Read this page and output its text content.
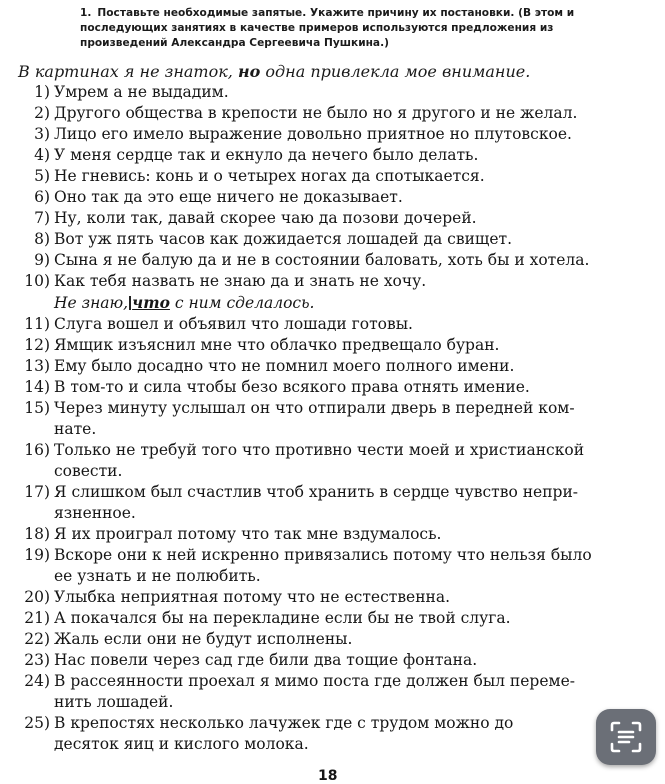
1. Поставьте необходимые запятые. Укажите причину их постановки. (В этом и последующих занятиях в качестве примеров используются предложения из произведений Александра Сергеевича Пушкина.)
В картинах я не знаток, но одна привлекла мое внимание.
1) Умрем а не выдадим.
2) Другого общества в крепости не было но я другого и не желал.
3) Лицо его имело выражение довольно приятное но плутовское.
4) У меня сердце так и екнуло да нечего было делать.
5) Не гневись: конь и о четырех ногах да спотыкается.
6) Оно так да это еще ничего не доказывает.
7) Ну, коли так, давай скорее чаю да позови дочерей.
8) Вот уж пять часов как дожидается лошадей да свищет.
9) Сына я не балую да и не в состоянии баловать, хоть бы и хотела.
10) Как тебя назвать не знаю да и знать не хочу.
Не знаю, что с ним сделалось.
11) Слуга вошел и объявил что лошади готовы.
12) Ямщик изъяснил мне что облачко предвещало буран.
13) Ему было досадно что не помнил моего полного имени.
14) В том-то и сила чтобы безо всякого права отнять имение.
15) Через минуту услышал он что отпирали дверь в передней ком-
нате.
16) Только не требуй того что противно чести моей и христианской
совести.
17) Я слишком был счастлив чтоб хранить в сердце чувство непри-
язненное.
18) Я их проиграл потому что так мне вздумалось.
19) Вскоре они к ней искренно привязались потому что нельзя было
ее узнать и не полюбить.
20) Улыбка неприятная потому что не естественна.
21) А покачался бы на перекладине если бы не твой слуга.
22) Жаль если они не будут исполнены.
23) Нас повели через сад где били два тощие фонтана.
24) В рассеянности проехал я мимо поста где должен был переме-
нить лошадей.
25) В крепостях несколько лачужек где с трудом можно до
десяток яиц и кислого молока.
18
